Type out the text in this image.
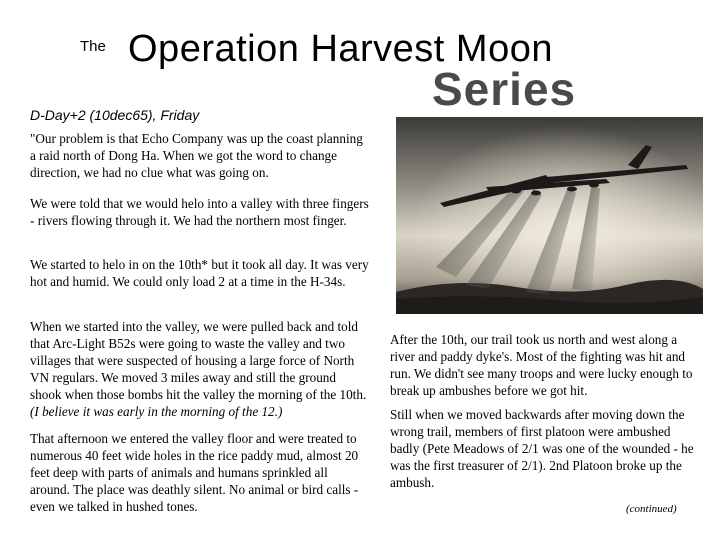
The Operation Harvest Moon
Series
D-Day+2 (10dec65), Friday

"Our problem is that Echo Company was up the coast planning a raid north of Dong Ha. When we got the word to change direction, we had no clue what was going on.

We were told that we would helo into a valley with three fingers - rivers flowing through it. We had the northern most finger.

We started to helo in on the 10th* but it took all day. It was very hot and humid. We could only load 2 at a time in the H-34s.

When we started into the valley, we were pulled back and told that Arc-Light B52s were going to waste the valley and two villages that were suspected of housing a large force of North VN regulars. We moved 3 miles away and still the ground shook when those bombs hit the valley the morning of the 10th. (I believe it was early in the morning of the 12.)

That afternoon we entered the valley floor and were treated to numerous 40 feet wide holes in the rice paddy mud, almost 20 feet deep with parts of animals and humans sprinkled all around. The place was deathly silent. No animal or bird calls - even we talked in hushed tones.

After the 10th, our trail took us north and west along a river and paddy dyke's. Most of the fighting was hit and run. We didn't see many troops and were lucky enough to break up ambushes before we got hit.

Still when we moved backwards after moving down the wrong trail, members of first platoon were ambushed badly (Pete Meadows of 2/1 was one of the wounded - he was the first treasurer of 2/1). 2nd Platoon broke up the ambush.

(continued)
